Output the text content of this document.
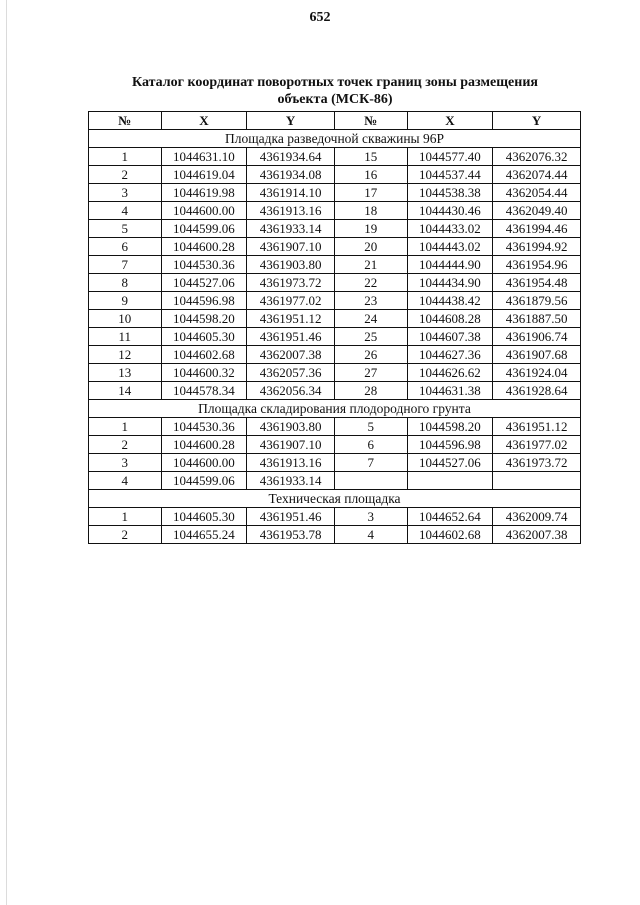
652
Каталог координат поворотных точек границ зоны размещения
объекта (МСК-86)
№	X	Y	№	X	Y
Площадка разведочной скважины 96Р					
1	1044631.10	4361934.64	15	1044577.40	4362076.32
2	1044619.04	4361934.08	16	1044537.44	4362074.44
3	1044619.98	4361914.10	17	1044538.38	4362054.44
4	1044600.00	4361913.16	18	1044430.46	4362049.40
5	1044599.06	4361933.14	19	1044433.02	4361994.46
6	1044600.28	4361907.10	20	1044443.02	4361994.92
7	1044530.36	4361903.80	21	1044444.90	4361954.96
8	1044527.06	4361973.72	22	1044434.90	4361954.48
9	1044596.98	4361977.02	23	1044438.42	4361879.56
10	1044598.20	4361951.12	24	1044608.28	4361887.50
11	1044605.30	4361951.46	25	1044607.38	4361906.74
12	1044602.68	4362007.38	26	1044627.36	4361907.68
13	1044600.32	4362057.36	27	1044626.62	4361924.04
14	1044578.34	4362056.34	28	1044631.38	4361928.64
Площадка складирования плодородного грунта					
1	1044530.36	4361903.80	5	1044598.20	4361951.12
2	1044600.28	4361907.10	6	1044596.98	4361977.02
3	1044600.00	4361913.16	7	1044527.06	4361973.72
4	1044599.06	4361933.14			
Техническая площадка					
1	1044605.30	4361951.46	3	1044652.64	4362009.74
2	1044655.24	4361953.78	4	1044602.68	4362007.38
